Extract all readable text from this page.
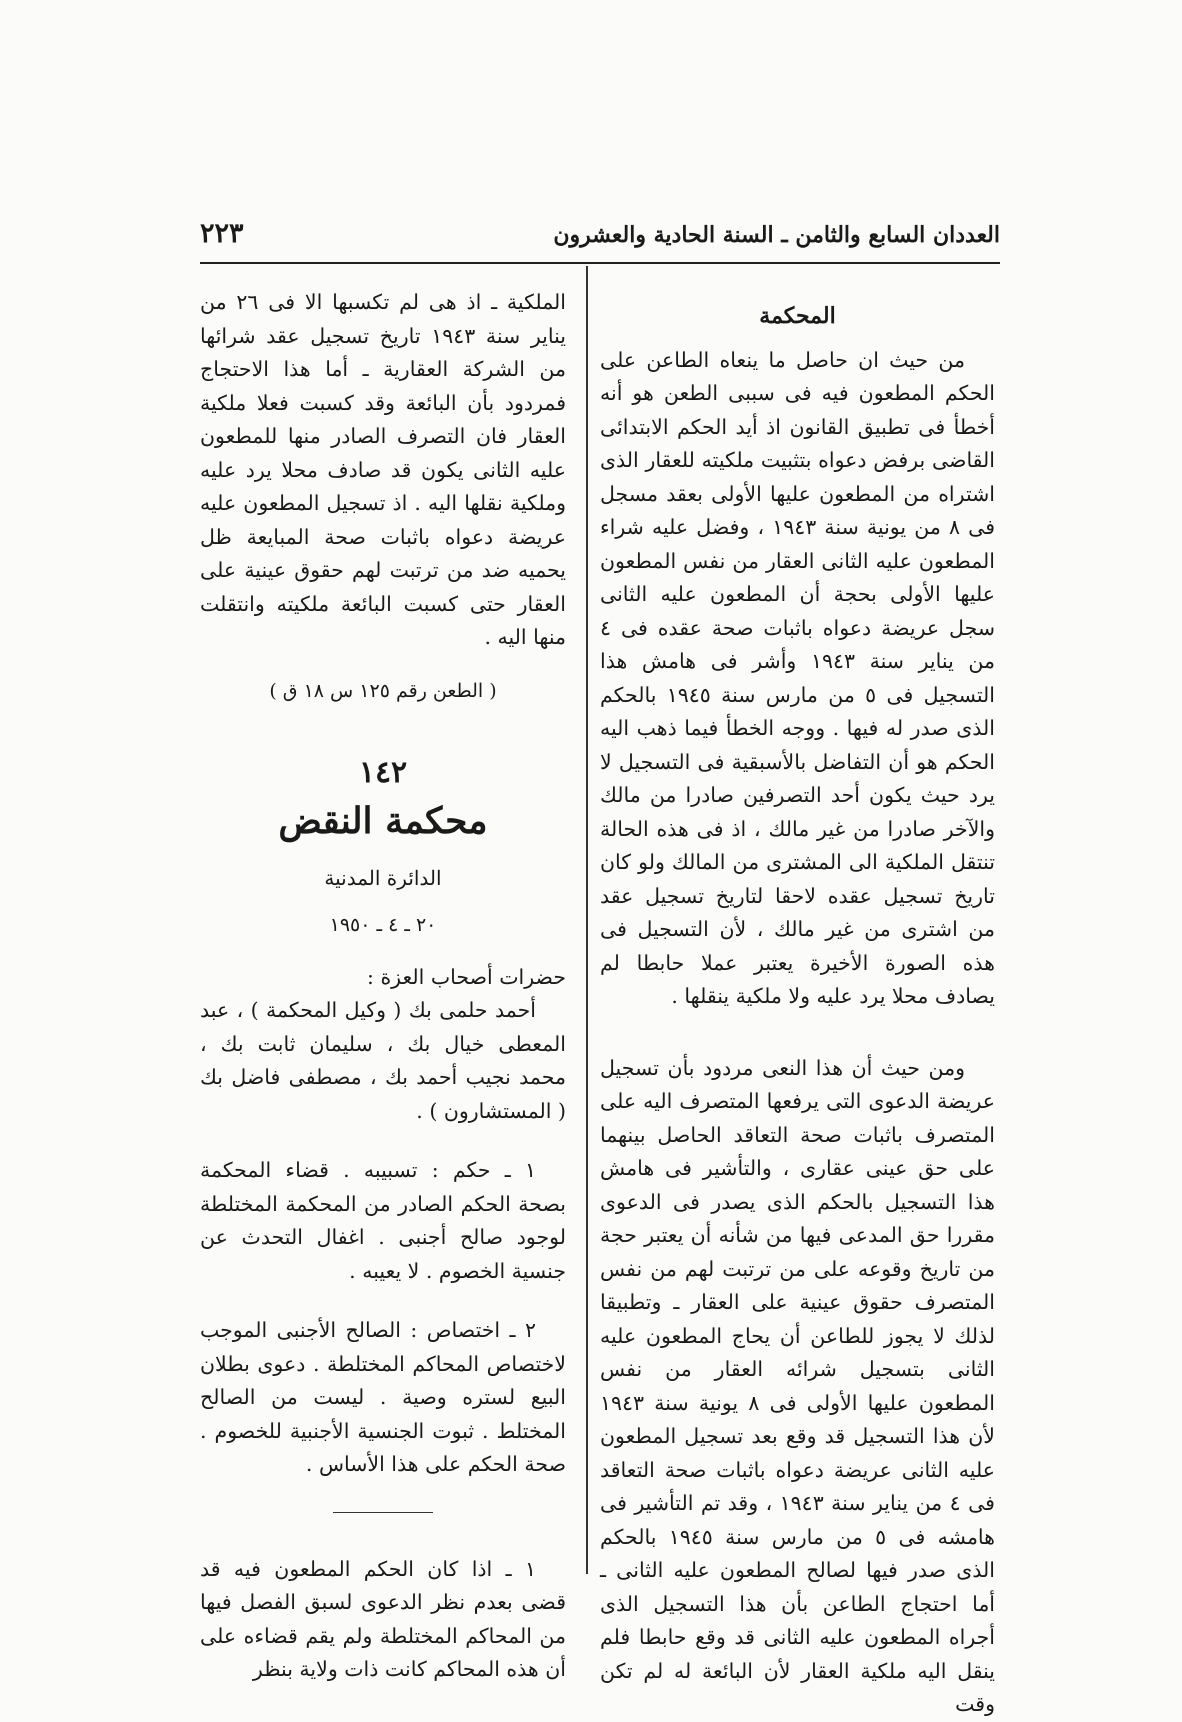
العددان السابع والثامن ـ السنة الحادية والعشرون
٢٢٣

المحكمة

من حيث ان حاصل ما ينعاه الطاعن على الحكم المطعون فيه فى سببى الطعن هو أنه أخطأ فى تطبيق القانون اذ أيد الحكم الابتدائى القاضى برفض دعواه بتثبيت ملكيته للعقار الذى اشتراه من المطعون عليها الأولى بعقد مسجل فى ٨ من يونية سنة ١٩٤٣ ، وفضل عليه شراء المطعون عليه الثانى العقار من نفس المطعون عليها الأولى بحجة أن المطعون عليه الثانى سجل عريضة دعواه باثبات صحة عقده فى ٤ من يناير سنة ١٩٤٣ وأشر فى هامش هذا التسجيل فى ٥ من مارس سنة ١٩٤٥ بالحكم الذى صدر له فيها . ووجه الخطأ فيما ذهب اليه الحكم هو أن التفاضل بالأسبقية فى التسجيل لا يرد حيث يكون أحد التصرفين صادرا من مالك والآخر صادرا من غير مالك ، اذ فى هذه الحالة تنتقل الملكية الى المشترى من المالك ولو كان تاريخ تسجيل عقده لاحقا لتاريخ تسجيل عقد من اشترى من غير مالك ، لأن التسجيل فى هذه الصورة الأخيرة يعتبر عملا حابطا لم يصادف محلا يرد عليه ولا ملكية ينقلها .

ومن حيث أن هذا النعى مردود بأن تسجيل عريضة الدعوى التى يرفعها المتصرف اليه على المتصرف باثبات صحة التعاقد الحاصل بينهما على حق عينى عقارى ، والتأشير فى هامش هذا التسجيل بالحكم الذى يصدر فى الدعوى مقررا حق المدعى فيها من شأنه أن يعتبر حجة من تاريخ وقوعه على من ترتبت لهم من نفس المتصرف حقوق عينية على العقار ـ وتطبيقا لذلك لا يجوز للطاعن أن يحاج المطعون عليه الثانى بتسجيل شرائه العقار من نفس المطعون عليها الأولى فى ٨ يونية سنة ١٩٤٣ لأن هذا التسجيل قد وقع بعد تسجيل المطعون عليه الثانى عريضة دعواه باثبات صحة التعاقد فى ٤ من يناير سنة ١٩٤٣ ، وقد تم التأشير فى هامشه فى ٥ من مارس سنة ١٩٤٥ بالحكم الذى صدر فيها لصالح المطعون عليه الثانى ـ أما احتجاج الطاعن بأن هذا التسجيل الذى أجراه المطعون عليه الثانى قد وقع حابطا فلم ينقل اليه ملكية العقار لأن البائعة له لم تكن وقت

الملكية ـ اذ هى لم تكسبها الا فى ٢٦ من يناير سنة ١٩٤٣ تاريخ تسجيل عقد شرائها من الشركة العقارية ـ أما هذا الاحتجاج فمردود بأن البائعة وقد كسبت فعلا ملكية العقار فان التصرف الصادر منها للمطعون عليه الثانى يكون قد صادف محلا يرد عليه وملكية نقلها اليه . اذ تسجيل المطعون عليه عريضة دعواه باثبات صحة المبايعة ظل يحميه ضد من ترتبت لهم حقوق عينية على العقار حتى كسبت البائعة ملكيته وانتقلت منها اليه .

( الطعن رقم ١٢٥ س ١٨ ق )

١٤٢

محكمة النقض

الدائرة المدنية

٢٠ ـ ٤ ـ ١٩٥٠

حضرات أصحاب العزة :

أحمد حلمى بك ( وكيل المحكمة ) ، عبد المعطى خيال بك ، سليمان ثابت بك ، محمد نجيب أحمد بك ، مصطفى فاضل بك ( المستشارون ) .

١ ـ حكم : تسبيبه . قضاء المحكمة بصحة الحكم الصادر من المحكمة المختلطة لوجود صالح أجنبى . اغفال التحدث عن جنسية الخصوم . لا يعيبه .

٢ ـ اختصاص : الصالح الأجنبى الموجب لاختصاص المحاكم المختلطة . دعوى بطلان البيع لستره وصية . ليست من الصالح المختلط . ثبوت الجنسية الأجنبية للخصوم . صحة الحكم على هذا الأساس .

١ ـ اذا كان الحكم المطعون فيه قد قضى بعدم نظر الدعوى لسبق الفصل فيها من المحاكم المختلطة ولم يقم قضاءه على أن هذه المحاكم كانت ذات ولاية بنظر
